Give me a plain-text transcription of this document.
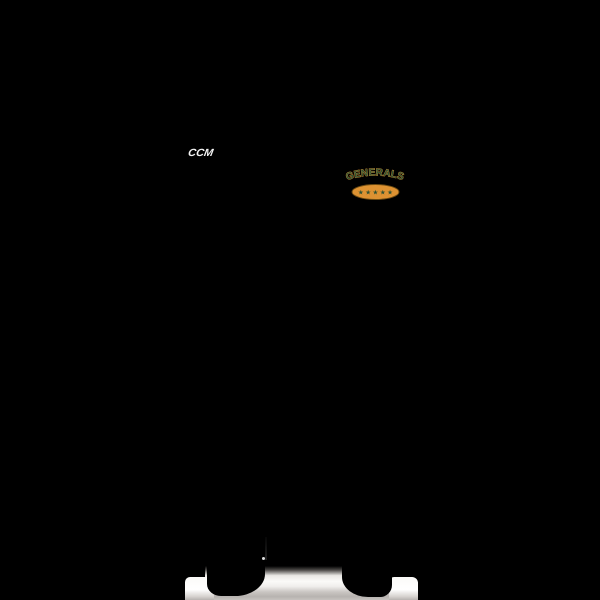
CCM
GENERALS
★★★★★
